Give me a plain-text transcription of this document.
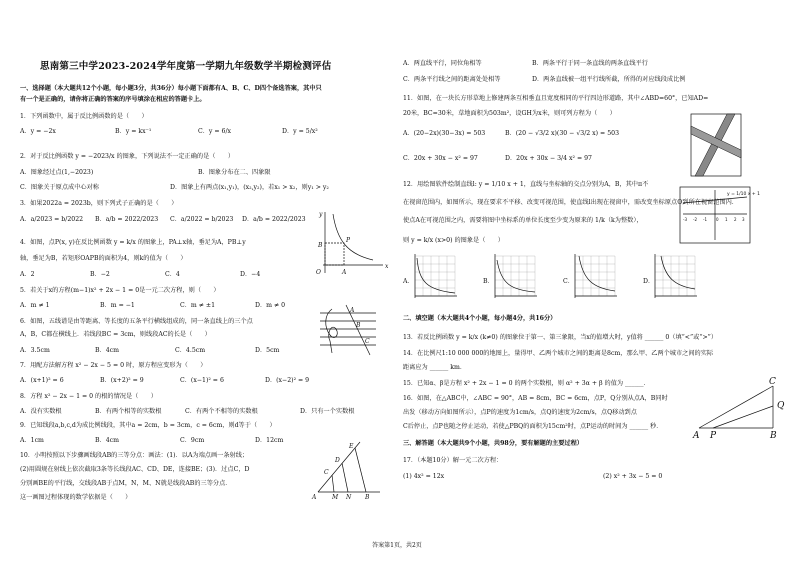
思南第三中学2023-2024学年度第一学期九年级数学半期检测评估
一、选择题（本大题共12个小题，每小题3分，共36分）每小题下面都有A、B、C、D四个备选答案，其中只
有一个是正确的，请你将正确的答案的序号填涂在相应的答题卡上。
1．下列函数中，属于反比例函数的是（　　）
A．y = −2x	B．y = kx⁻¹	C．y = 6/x	D．y = 5/x²
2．对于反比例函数 y = −2023/x 的图象，下列说法不一定正确的是（　　）
A．图象经过点(1,−2023)	B．图象分布在二、四象限
C．图象关于原点成中心对称	D．图象上有两点(x₁,y₁)，(x₂,y₂)，若x₁ > x₂，则y₁ > y₂
3．如果2022a = 2023b，则下列式子正确的是（　　）
A．a/2023 = b/2022 B．a/b = 2022/2023 C．a/2022 = b/2023 D．a/b = 2022/2023
4．如图，点P(x, y)在反比例函数 y = k/x 的图象上，PA⊥x轴，垂足为A，PB⊥y
轴，垂足为B，若矩形OAPB的面积为4，则k的值为（　　）
A．2	B．−2	C．4	D．−4	O
x
y
P
B
A
5．若关于x的方程(m−1)x² + 2x − 1 = 0是一元二次方程，则（　　）
A．m ≠ 1	B．m = −1	C．m ≠ ±1	D．m ≠ 0
6．如图，五线谱是由等距离、等长度的五条平行横线组成的，同一条直线上的三个点
A，B，C都在横线上．若线段BC = 3cm，则线段AC的长是（　　）
A．3.5cm	B．4cm	C．4.5cm	D．5cm
A
B
C
7．用配方法解方程 x² − 2x − 5 = 0 时，原方程应变形为（　　）
A．(x+1)² = 6	B．(x+2)² = 9	C．(x−1)² = 6	D．(x−2)² = 9
8．方程 x² − 2x − 1 = 0 的根的情况是（　　）
A．没有实数根	B．有两个相等的实数根	C．有两个不相等的实数根	D．只有一个实数根
9．已知线段a,b,c,d为成比例线段，其中a = 2cm，b = 3cm，c = 6cm，则d等于（　　）
A．1cm	B．4cm	C．9cm	D．12cm
10．小明按照以下步骤画线段AB的三等分点：画法：(1)．以A为端点画一条射线；
(2)用圆规在射线上依次截取3条等长线段AC、CD、DE，连接BE；(3)．过点C，D
分别画BE的平行线，交线段AB于点M，N，M、N就是线段AB的三等分点．
这一画图过程体现的数学依据是（　　）	A	M N B
C
D
E
A．两直线平行，同位角相等	B．两条平行于同一条直线的两条直线平行
C．两条平行线之间的距离处处相等	D．两条直线被一组平行线所截，所得的对应线段成比例
11．如图，在一块长方形草地上修建两条互相垂直且宽度相同的平行四边形道路，其中∠ABD=60°，已知AD=
20米，BC=30米，草地面积为503m²，设GH为x米，则可列方程为（　　）
A．(20−2x)(30−3x) = 503	B．(20 − √3/2 x)(30 − √3/2 x) = 503
C．20x + 30x − x² = 97	D．20x + 30x − 3/4 x² = 97
12．用绘图软件绘制直线l: y = 1/10 x + 1，直线与坐标轴的交点分别为A，B，其中π不
在视窗范围内，如图所示，现在要求不平移、改变可视范围，使直线l出现在视窗中，需改变坐标原点O到所在视窗范围内．
使点A在可视范围之内，需要将图中坐标系的单位长度至少变为原来的 1/k（k为整数），
则 y = k/x (x>0) 的图象是（　　）
y = 1/10 x + 1
-3 -2 -1 0 1 2 3
A．	B．	C．	D．
二、填空题（本大题共4个小题，每小题4分，共16分）
13．若反比例函数 y = k/x (k≠0) 的图象位于第一、第三象限，当x的值增大时，y值将 ______ 0（填“<”或“>”）
14．在比例尺1:10 000 000的地图上，量得甲、乙两个城市之间的距离是8cm，那么甲、乙两个城市之间的实际
距离应为 ______ km．
15．已知α、β是方程 x² + 2x − 1 = 0 的两个实数根，则 α² + 3α + β 的值为 ______．
16．如图，在△ABC中，∠ABC = 90°，AB = 8cm，BC = 6cm，点P，Q分别从点A，B同时
出发（移动方向如图所示），点P的速度为1cm/s，点Q的速度为2cm/s，点Q移动到点
C后停止，点P也随之停止运动，若使△PBQ的面积为15cm²时，点P运动的时间为 ______ 秒．
A P	B
C
Q
三、解答题（本大题共9个小题，共98分，要有解题的主要过程）
17．（本题10分）解一元二次方程：
(1) 4x² = 12x	(2) x² + 3x − 5 = 0
答案第1页，共2页
